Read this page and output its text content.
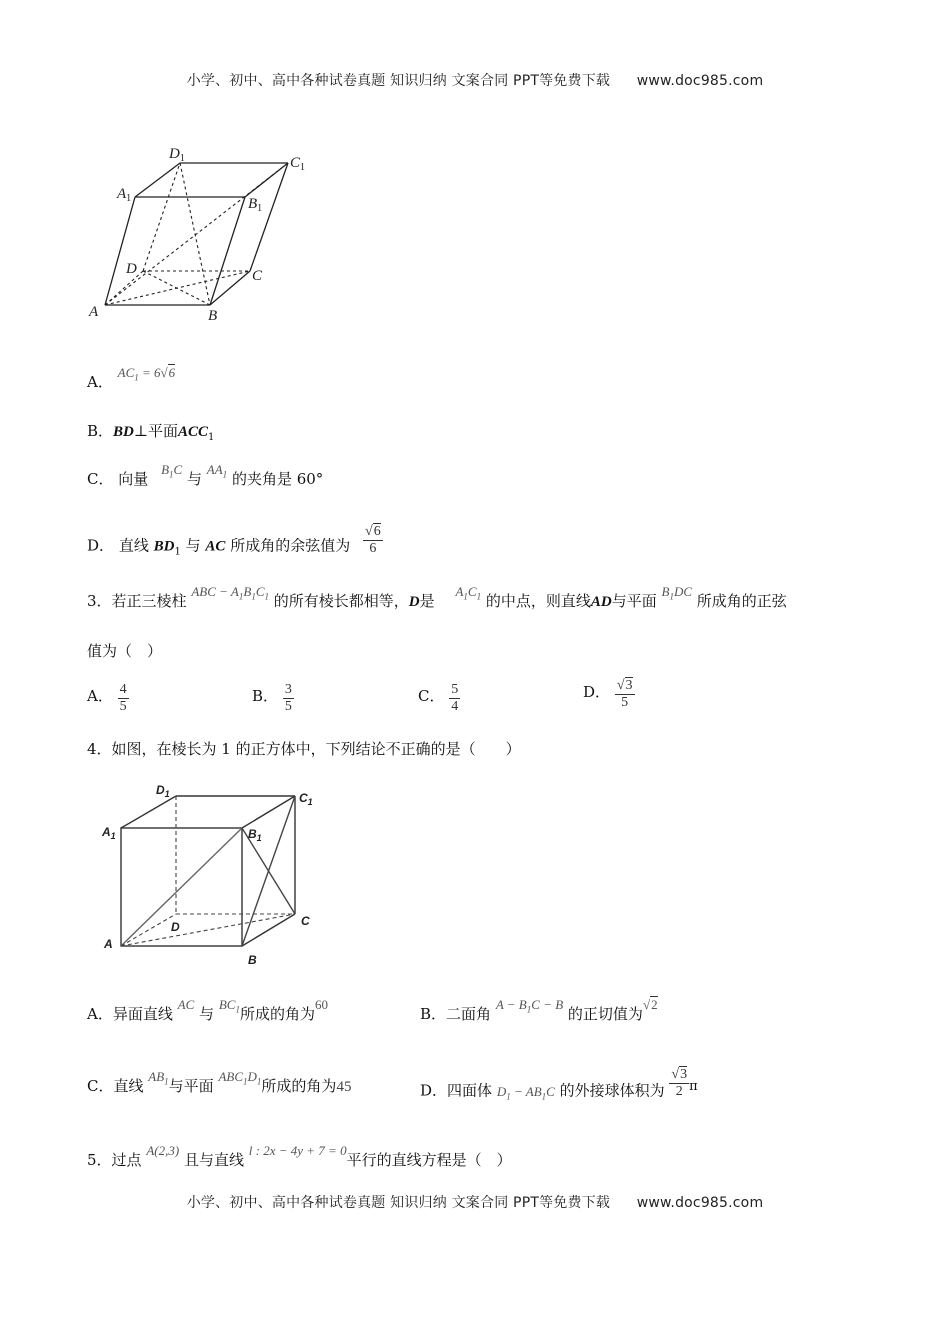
小学、初中、高中各种试卷真题 知识归纳 文案合同 PPT等免费下载 www.doc985.com
$D_1$	$C_1$
$A_1$	$B_1$
D	C
A	B
A． $AC_1 = 6√6$
B．BD⊥平面$ACC_1$
C． 向量 $B_1C$ 与 $AA_1$ 的夹角是 60°
D． 直线 $BD_1$ 与 AC 所成角的余弦值为 $\frac{√6}{6}$
3．若正三棱柱 ABC − $A_1B_1C_1$ 的所有棱长都相等，D是 $A_1C_1$ 的中点，则直线AD与平面 $B_1DC$ 所成角的正弦
值为（　）
A． $\frac{4}{5}$	B． $\frac{3}{5}$	C． $\frac{5}{4}$	D． $\frac{√3}{5}$
4．如图，在棱长为 1 的正方体中，下列结论不正确的是（　　）
$D_1$	$C_1$
$A_1$	$B_1$
D	C
A
B
A．异面直线 AC 与 $BC_1$所成的角为60
B．二面角 $A - B_1C - B$ 的正切值为√2
C．直线 $AB_1$与平面 $ABC_1D_1$所成的角为45	D．四面体 $D_1 - AB_1C$ 的外接球体积为 $\frac{√3}{2}$ π
5．过点 A(2,3) 且与直线 l : 2x − 4y + 7 = 0平行的直线方程是（　）
小学、初中、高中各种试卷真题 知识归纳 文案合同 PPT等免费下载 www.doc985.com
